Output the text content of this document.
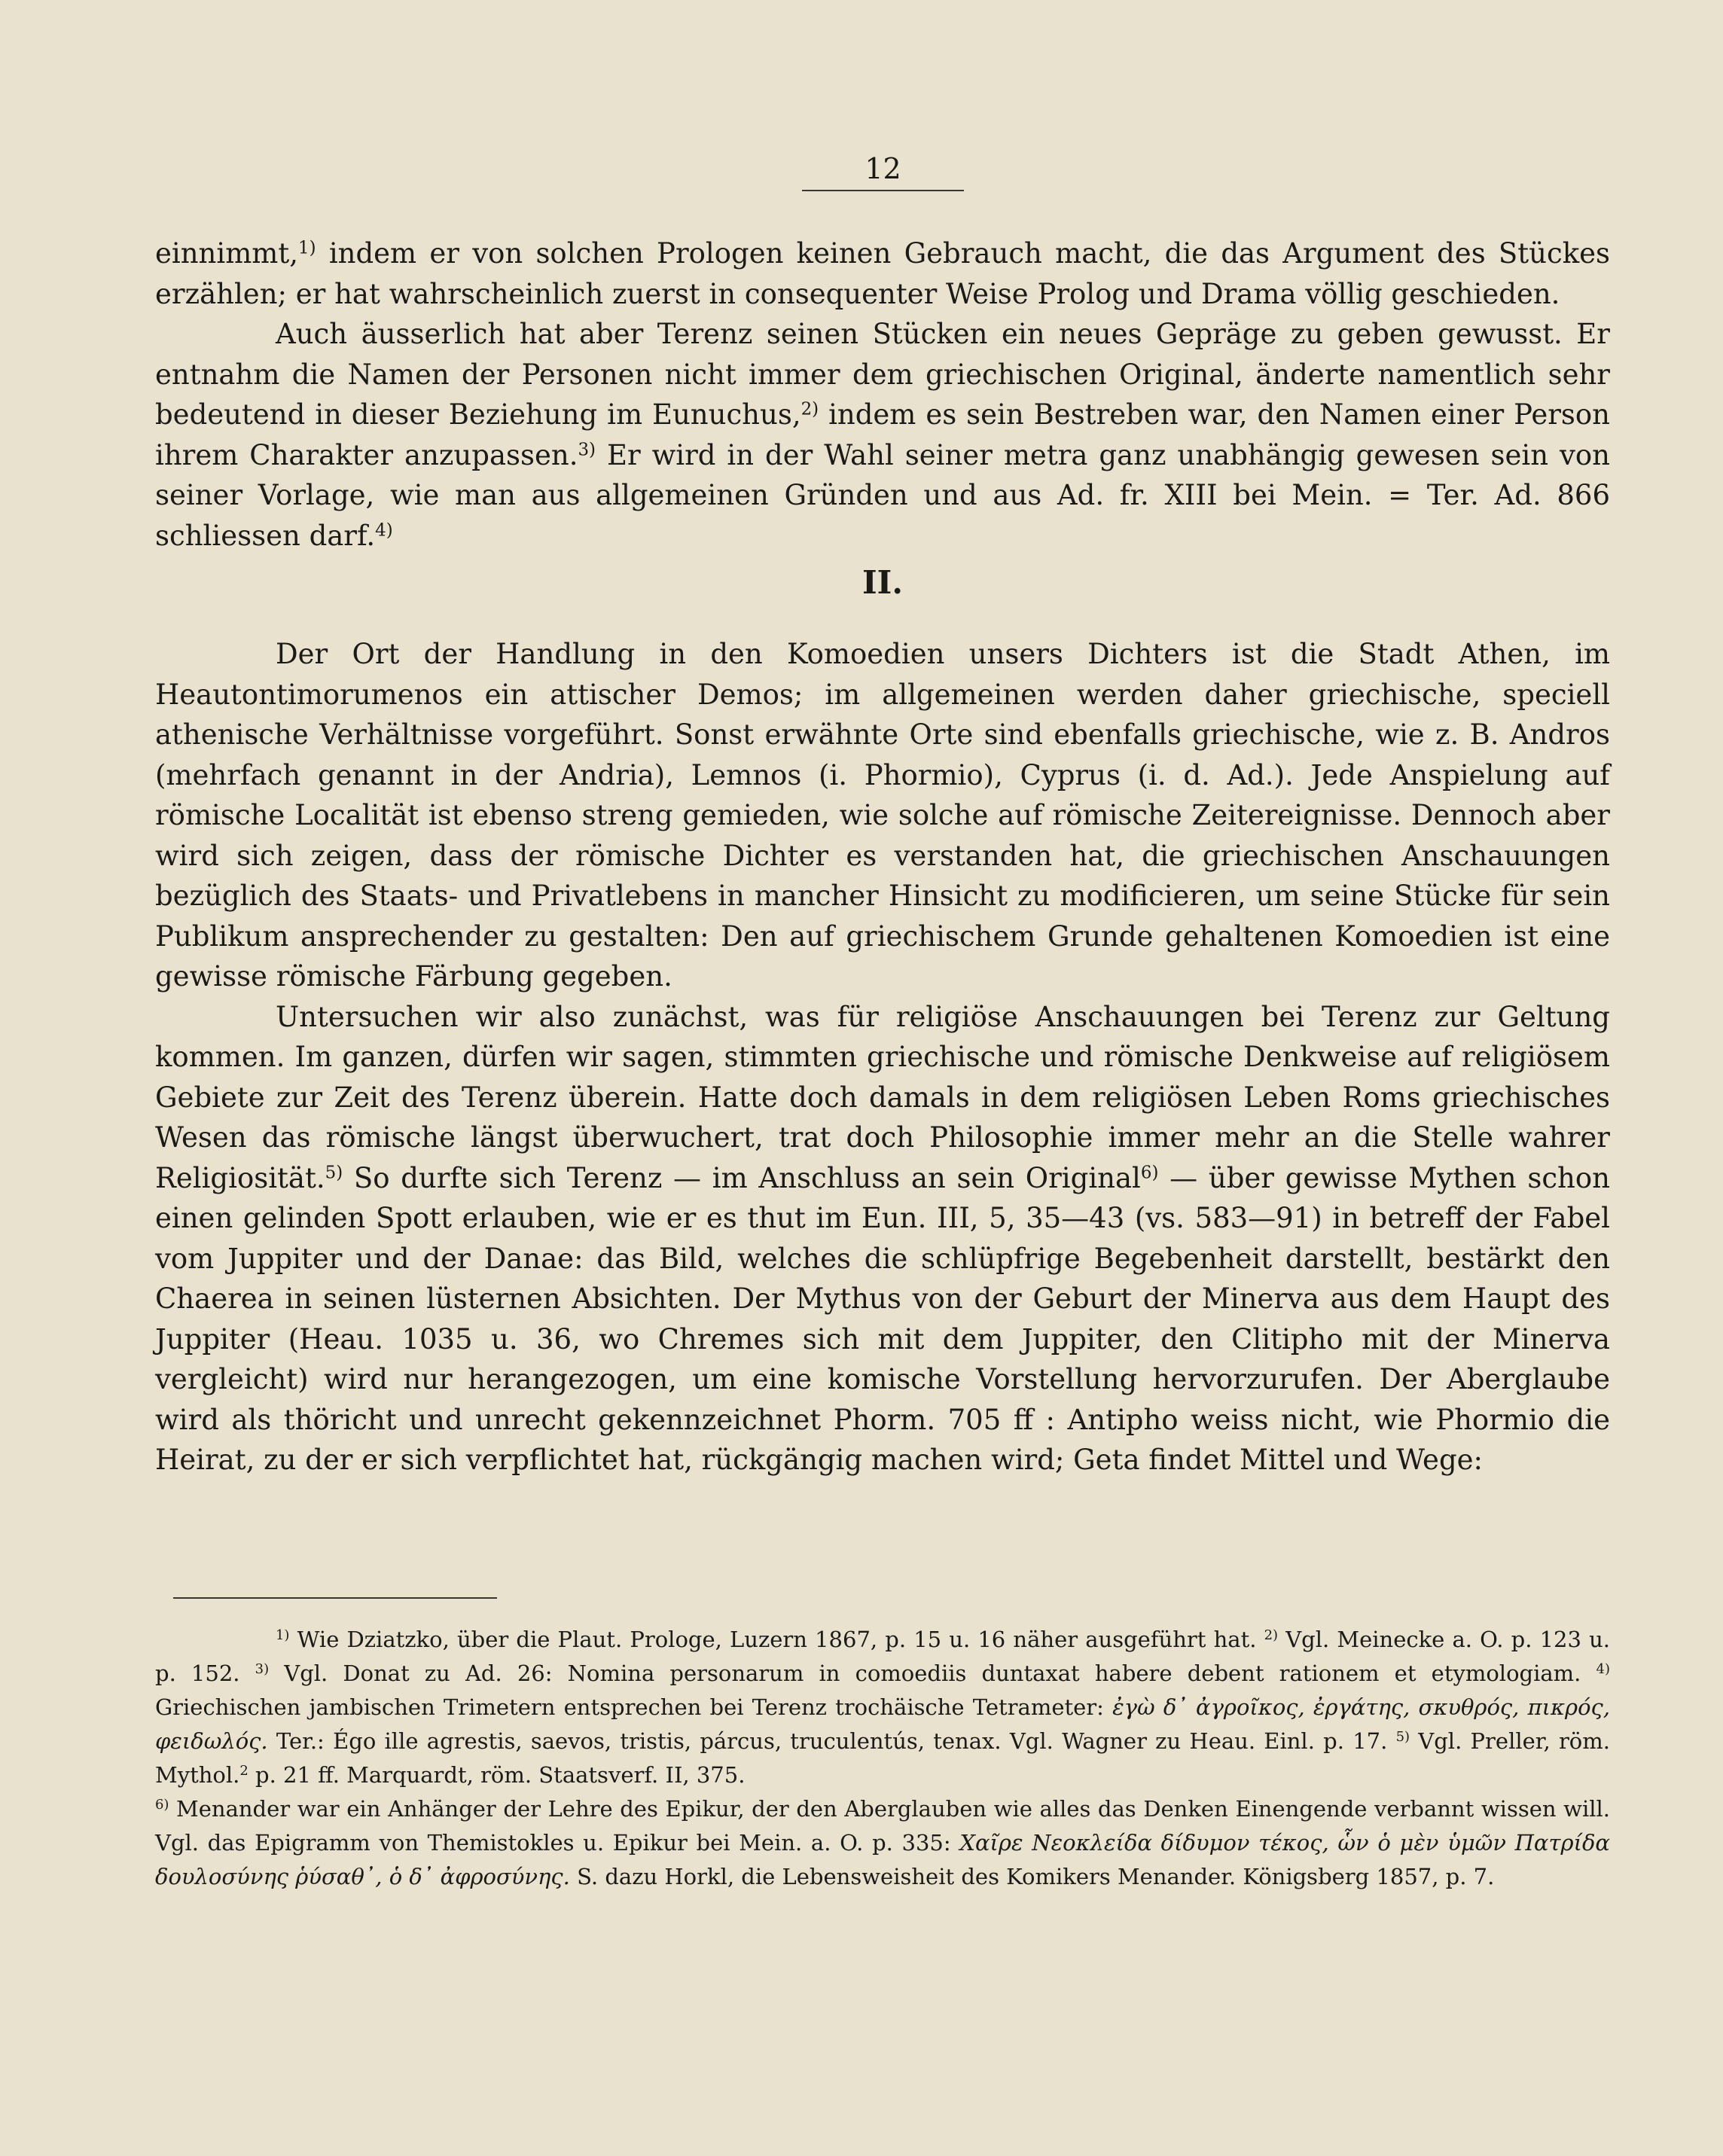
12

einnimmt,$^{1)}$ indem er von solchen Prologen keinen Gebrauch macht, die das Argument des Stückes erzählen; er hat wahrscheinlich zuerst in consequenter Weise Prolog und Drama völlig geschieden.

Auch äusserlich hat aber Terenz seinen Stücken ein neues Gepräge zu geben gewusst. Er entnahm die Namen der Personen nicht immer dem griechischen Original, änderte namentlich sehr bedeutend in dieser Beziehung im Eunuchus,$^{2)}$ indem es sein Bestreben war, den Namen einer Person ihrem Charakter anzupassen.$^{3)}$ Er wird in der Wahl seiner metra ganz unabhängig gewesen sein von seiner Vorlage, wie man aus allgemeinen Gründen und aus Ad. fr. XIII bei Mein. = Ter. Ad. 866 schliessen darf.$^{4)}$

II.

Der Ort der Handlung in den Komoedien unsers Dichters ist die Stadt Athen, im Heautontimorumenos ein attischer Demos; im allgemeinen werden daher griechische, speciell athenische Verhältnisse vorgeführt. Sonst erwähnte Orte sind ebenfalls griechische, wie z. B. Andros (mehrfach genannt in der Andria), Lemnos (i. Phormio), Cyprus (i. d. Ad.). Jede Anspielung auf römische Localität ist ebenso streng gemieden, wie solche auf römische Zeitereignisse. Dennoch aber wird sich zeigen, dass der römische Dichter es verstanden hat, die griechischen Anschauungen bezüglich des Staats- und Privatlebens in mancher Hinsicht zu modificieren, um seine Stücke für sein Publikum ansprechender zu gestalten: Den auf griechischem Grunde gehaltenen Komoedien ist eine gewisse römische Färbung gegeben.

Untersuchen wir also zunächst, was für religiöse Anschauungen bei Terenz zur Geltung kommen. Im ganzen, dürfen wir sagen, stimmten griechische und römische Denkweise auf religiösem Gebiete zur Zeit des Terenz überein. Hatte doch damals in dem religiösen Leben Roms griechisches Wesen das römische längst überwuchert, trat doch Philosophie immer mehr an die Stelle wahrer Religiosität.$^{5)}$ So durfte sich Terenz — im Anschluss an sein Original$^{6)}$ — über gewisse Mythen schon einen gelinden Spott erlauben, wie er es thut im Eun. III, 5, 35—43 (vs. 583—91) in betreff der Fabel vom Juppiter und der Danae: das Bild, welches die schlüpfrige Begebenheit darstellt, bestärkt den Chaerea in seinen lüsternen Absichten. Der Mythus von der Geburt der Minerva aus dem Haupt des Juppiter (Heau. 1035 u. 36, wo Chremes sich mit dem Juppiter, den Clitipho mit der Minerva vergleicht) wird nur herangezogen, um eine komische Vorstellung hervorzurufen. Der Aberglaube wird als thöricht und unrecht gekennzeichnet Phorm. 705 ff : Antipho weiss nicht, wie Phormio die Heirat, zu der er sich verpflichtet hat, rückgängig machen wird; Geta findet Mittel und Wege:

$^{1)}$ Wie Dziatzko, über die Plaut. Prologe, Luzern 1867, p. 15 u. 16 näher ausgeführt hat. $^{2)}$ Vgl. Meinecke a. O. p. 123 u. p. 152. $^{3)}$ Vgl. Donat zu Ad. 26: Nomina personarum in comoediis duntaxat habere debent rationem et etymologiam. $^{4)}$ Griechischen jambischen Trimetern entsprechen bei Terenz trochäische Tetrameter: ἐγὼ δ᾽ ἀγροῖκος, ἐργάτης, σκυθρός, πικρός, φειδωλός. Ter.: Égo ille agrestis, saevos, tristis, párcus, truculentús, tenax. Vgl. Wagner zu Heau. Einl. p. 17. $^{5)}$ Vgl. Preller, röm. Mythol.$^2$ p. 21 ff. Marquardt, röm. Staatsverf. II, 375.

$^{6)}$ Menander war ein Anhänger der Lehre des Epikur, der den Aberglauben wie alles das Denken Einengende verbannt wissen will. Vgl. das Epigramm von Themistokles u. Epikur bei Mein. a. O. p. 335: Χαῖρε Νεοκλείδα δίδυμον τέκος, ὧν ὁ μὲν ὑμῶν Πατρίδα δουλοσύνης ῥύσαθ᾽, ὁ δ᾽ ἀφροσύνης. S. dazu Horkl, die Lebensweisheit des Komikers Menander. Königsberg 1857, p. 7.
